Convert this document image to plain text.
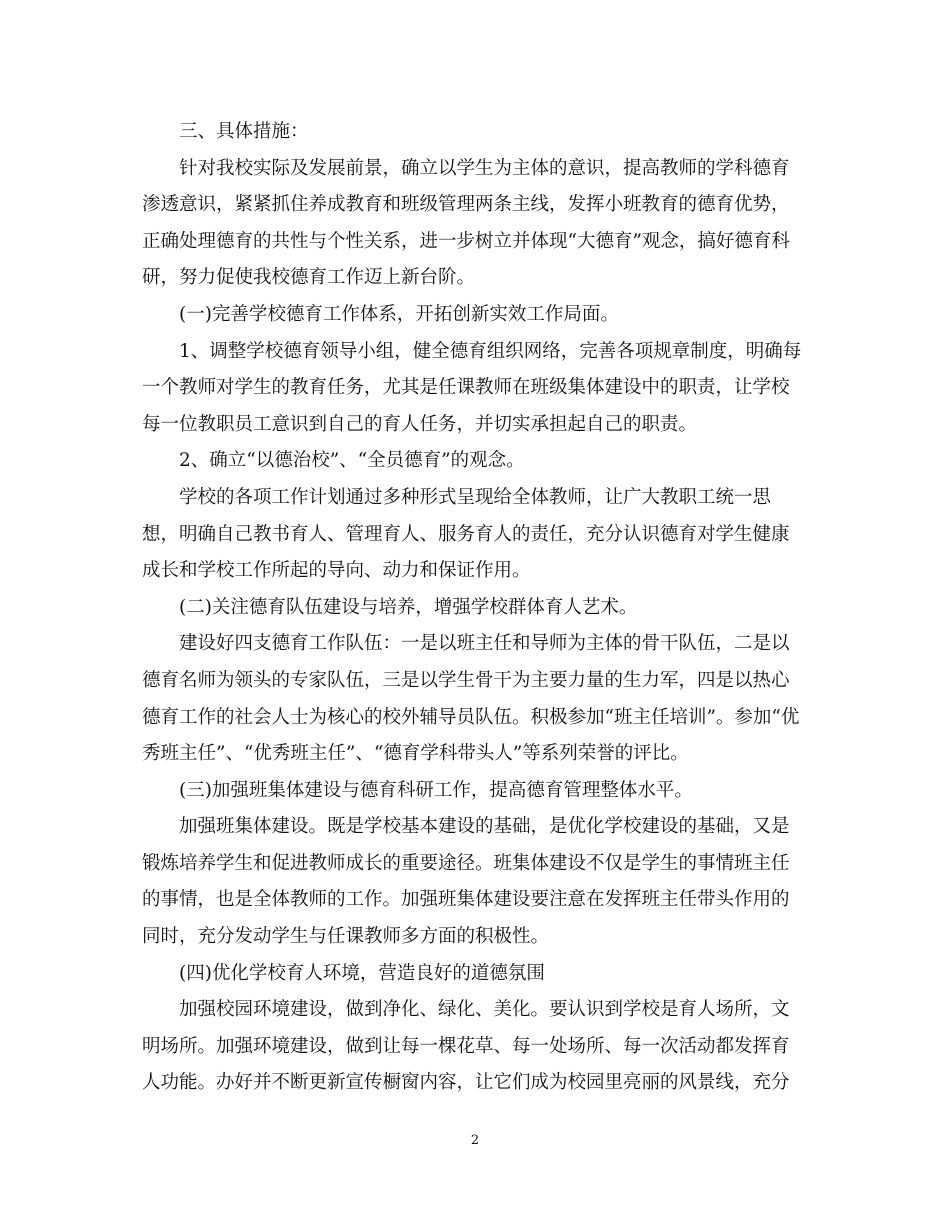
三、具体措施：

针对我校实际及发展前景，确立以学生为主体的意识，提高教师的学科德育
渗透意识，紧紧抓住养成教育和班级管理两条主线，发挥小班教育的德育优势，
正确处理德育的共性与个性关系，进一步树立并体现“大德育”观念，搞好德育科
研，努力促使我校德育工作迈上新台阶。

(一)完善学校德育工作体系，开拓创新实效工作局面。

1、调整学校德育领导小组，健全德育组织网络，完善各项规章制度，明确每
一个教师对学生的教育任务，尤其是任课教师在班级集体建设中的职责，让学校
每一位教职员工意识到自己的育人任务，并切实承担起自己的职责。

2、确立“以德治校”、“全员德育”的观念。

学校的各项工作计划通过多种形式呈现给全体教师，让广大教职工统一思
想，明确自己教书育人、管理育人、服务育人的责任，充分认识德育对学生健康
成长和学校工作所起的导向、动力和保证作用。

(二)关注德育队伍建设与培养，增强学校群体育人艺术。

建设好四支德育工作队伍：一是以班主任和导师为主体的骨干队伍，二是以
德育名师为领头的专家队伍，三是以学生骨干为主要力量的生力军，四是以热心
德育工作的社会人士为核心的校外辅导员队伍。积极参加“班主任培训”。参加“优
秀班主任”、“优秀班主任”、“德育学科带头人”等系列荣誉的评比。

(三)加强班集体建设与德育科研工作，提高德育管理整体水平。

加强班集体建设。既是学校基本建设的基础，是优化学校建设的基础，又是
锻炼培养学生和促进教师成长的重要途径。班集体建设不仅是学生的事情班主任
的事情，也是全体教师的工作。加强班集体建设要注意在发挥班主任带头作用的
同时，充分发动学生与任课教师多方面的积极性。

(四)优化学校育人环境，营造良好的道德氛围

加强校园环境建设，做到净化、绿化、美化。要认识到学校是育人场所，文
明场所。加强环境建设，做到让每一棵花草、每一处场所、每一次活动都发挥育
人功能。办好并不断更新宣传橱窗内容，让它们成为校园里亮丽的风景线，充分

2
